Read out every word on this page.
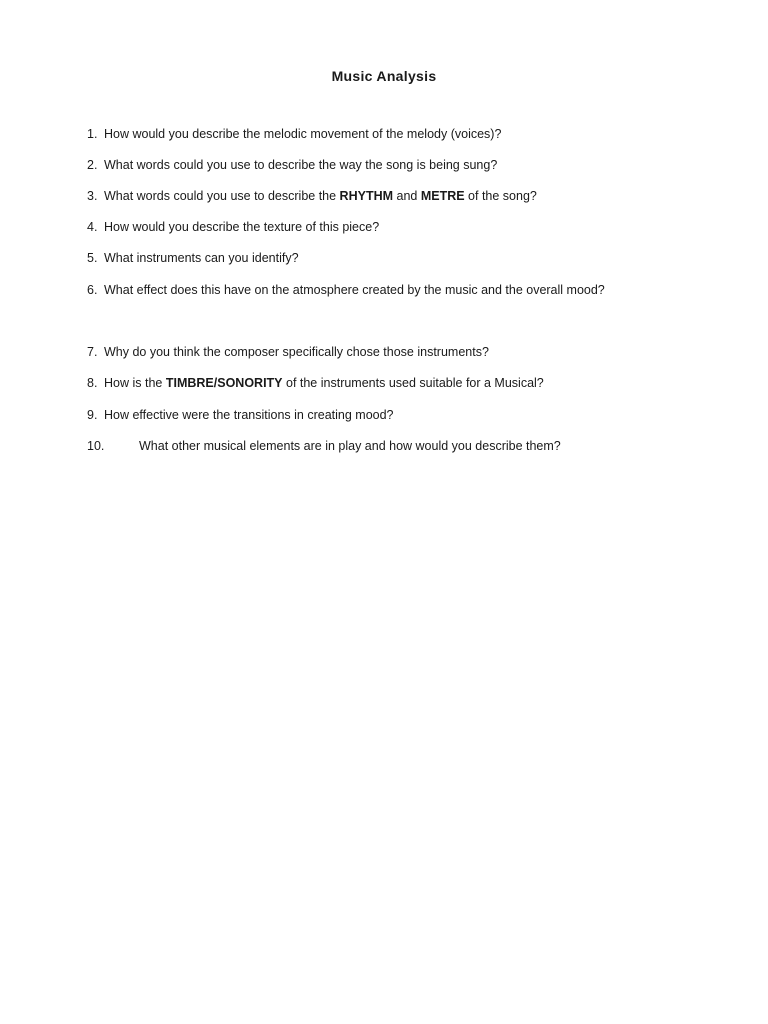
Music Analysis
1. How would you describe the melodic movement of the melody (voices)?
2. What words could you use to describe the way the song is being sung?
3. What words could you use to describe the RHYTHM and METRE of the song?
4. How would you describe the texture of this piece?
5. What instruments can you identify?
6. What effect does this have on the atmosphere created by the music and the overall mood?
7. Why do you think the composer specifically chose those instruments?
8. How is the TIMBRE/SONORITY of the instruments used suitable for a Musical?
9. How effective were the transitions in creating mood?
10.	What other musical elements are in play and how would you describe them?
